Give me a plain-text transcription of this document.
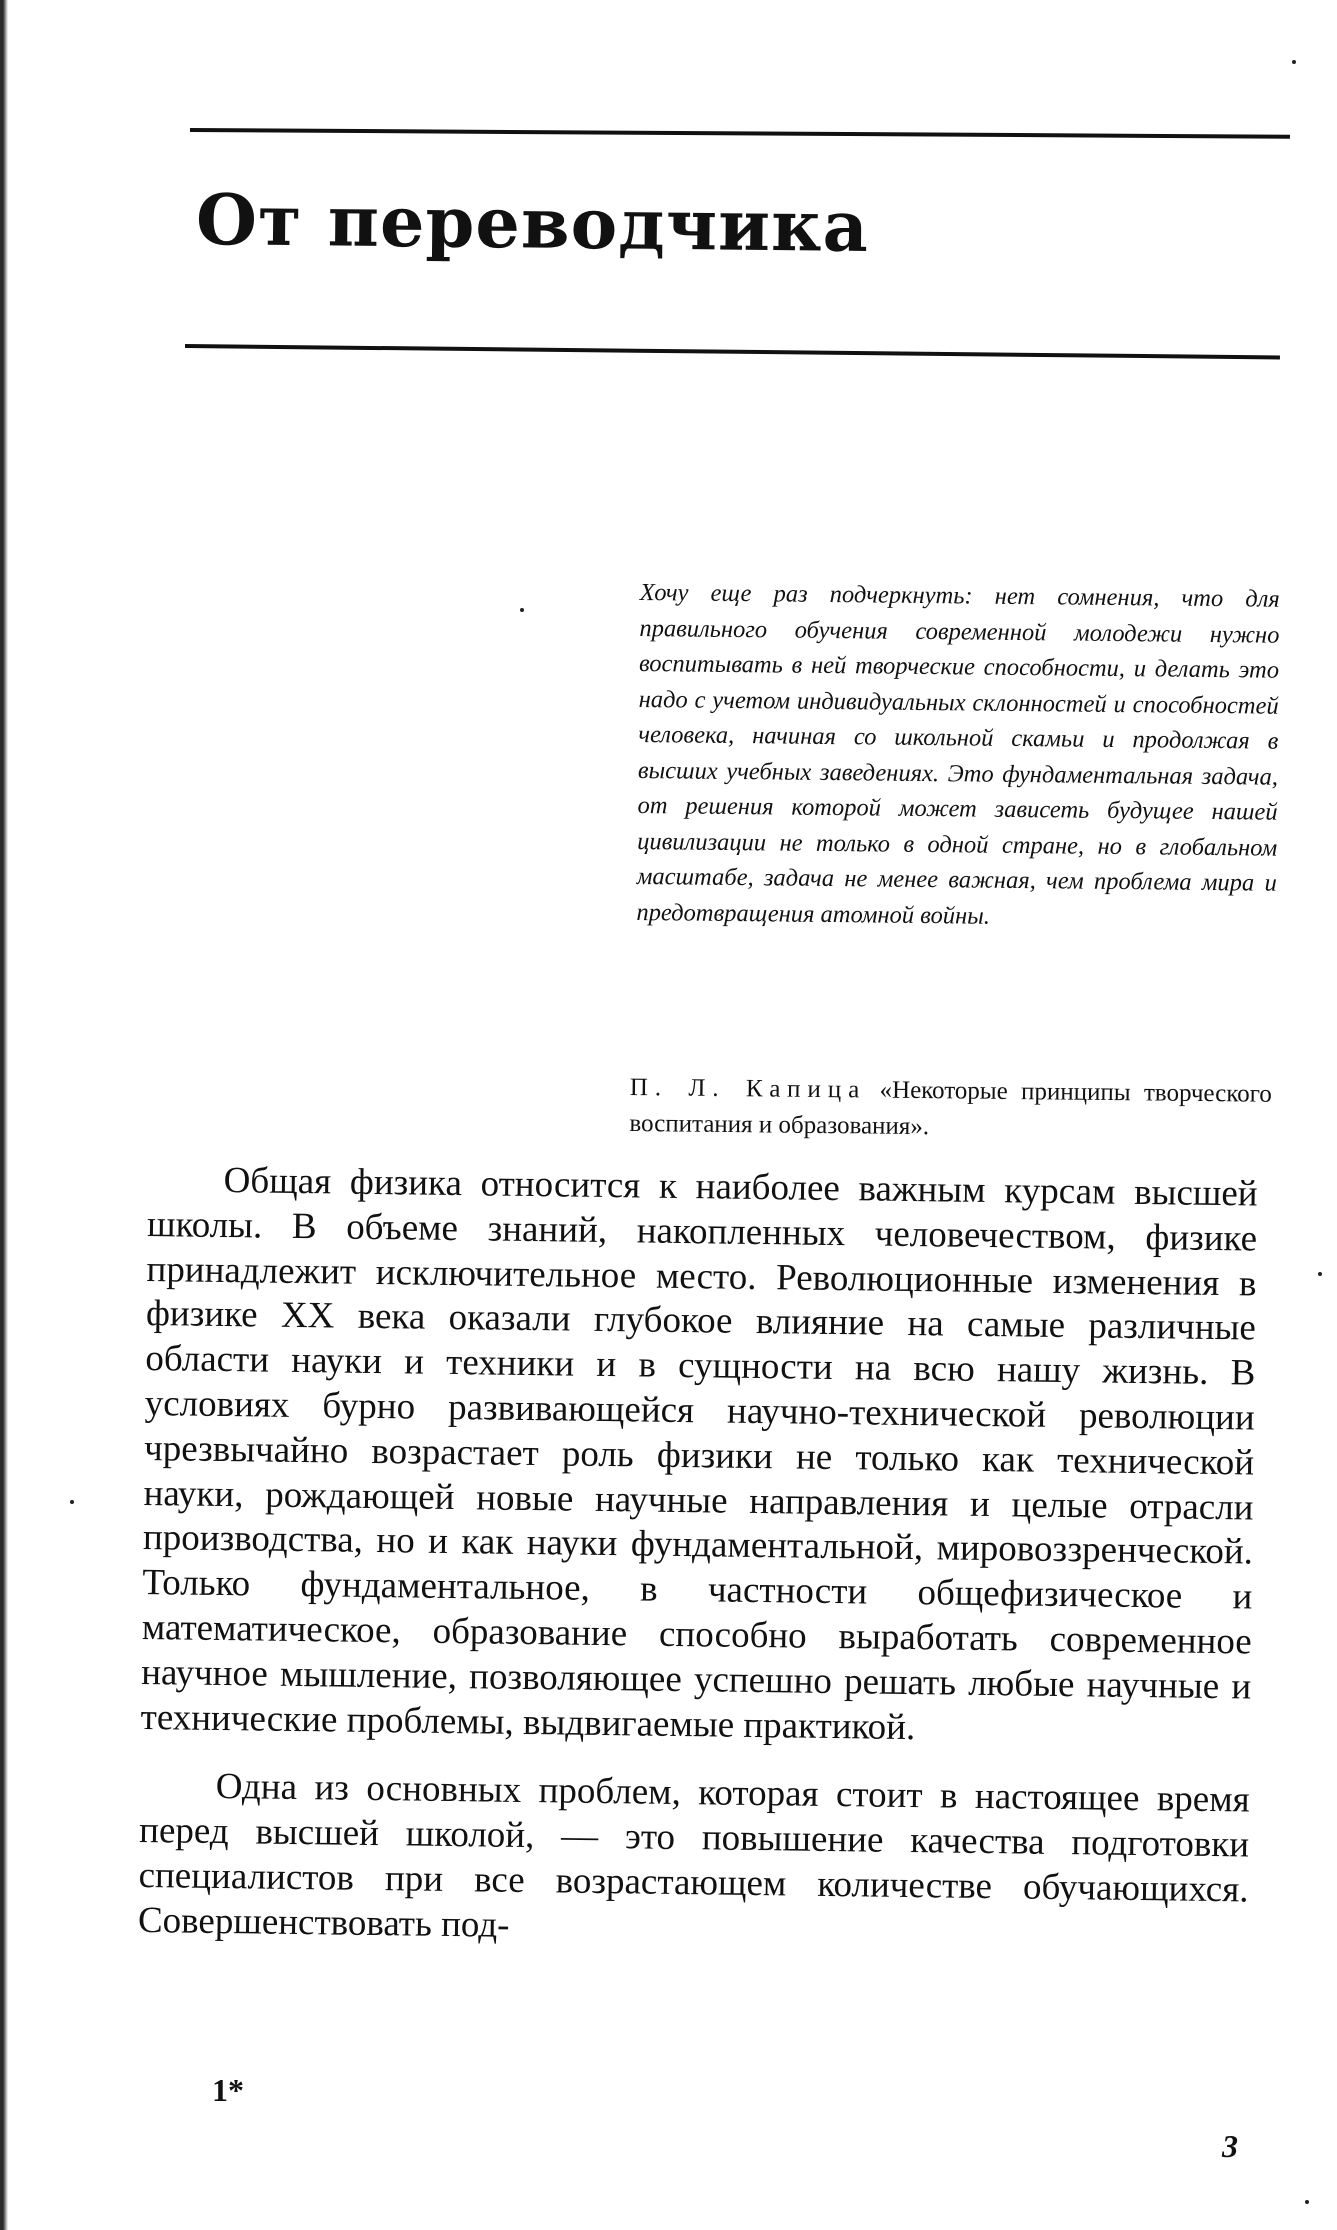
От переводчика

Хочу еще раз подчеркнуть: нет сомнения, что для правильного обучения современной молодежи нужно воспитывать в ней творческие способности, и делать это надо с учетом индивидуальных склонностей и способностей человека, начиная со школьной скамьи и продолжая в высших учебных заведениях. Это фундаментальная задача, от решения которой может зависеть будущее нашей цивилизации не только в одной стране, но в глобальном масштабе, задача не менее важная, чем проблема мира и предотвращения атомной войны.

П. Л. Капица «Некоторые принципы творческого воспитания и образования».

Общая физика относится к наиболее важным курсам высшей школы. В объеме знаний, накопленных человечеством, физике принадлежит исключительное место. Революционные изменения в физике XX века оказали глубокое влияние на самые различные области науки и техники и в сущности на всю нашу жизнь. В условиях бурно развивающейся научно-технической революции чрезвычайно возрастает роль физики не только как технической науки, рождающей новые научные направления и целые отрасли производства, но и как науки фундаментальной, мировоззренческой. Только фундаментальное, в частности общефизическое и математическое, образование способно выработать современное научное мышление, позволяющее успешно решать любые научные и технические проблемы, выдвигаемые практикой.

Одна из основных проблем, которая стоит в настоящее время перед высшей школой, — это повышение качества подготовки специалистов при все возрастающем количестве обучающихся. Совершенствовать под-

1*

3
